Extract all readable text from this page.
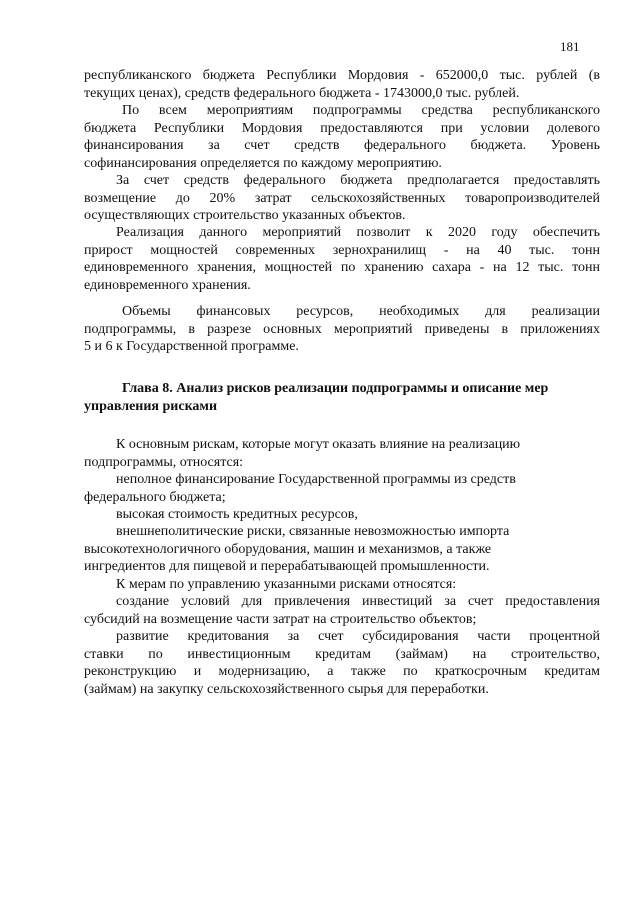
181
республиканского бюджета Республики Мордовия - 652000,0 тыс. рублей (в
текущих ценах), средств федерального бюджета - 1743000,0 тыс. рублей.
По всем мероприятиям подпрограммы средства республиканского
бюджета Республики Мордовия предоставляются при условии долевого
финансирования за счет средств федерального бюджета. Уровень
софинансирования определяется по каждому мероприятию.
За счет средств федерального бюджета предполагается предоставлять
возмещение до 20% затрат сельскохозяйственных товаропроизводителей
осуществляющих строительство указанных объектов.
Реализация данного мероприятий позволит к 2020 году обеспечить
прирост мощностей современных зернохранилищ - на 40 тыс. тонн
единовременного хранения, мощностей по хранению сахара - на 12 тыс. тонн
единовременного хранения.
Объемы финансовых ресурсов, необходимых для реализации
подпрограммы, в разрезе основных мероприятий приведены в приложениях
5 и 6 к Государственной программе.
Глава 8. Анализ рисков реализации подпрограммы и описание мер
управления рисками
К основным рискам, которые могут оказать влияние на реализацию
подпрограммы, относятся:
неполное финансирование Государственной программы из средств
федерального бюджета;
высокая стоимость кредитных ресурсов,
внешнеполитические риски, связанные невозможностью импорта
высокотехнологичного оборудования, машин и механизмов, а также
ингредиентов для пищевой и перерабатывающей промышленности.
К мерам по управлению указанными рисками относятся:
создание условий для привлечения инвестиций за счет предоставления
субсидий на возмещение части затрат на строительство объектов;
развитие кредитования за счет субсидирования части процентной
ставки по инвестиционным кредитам (займам) на строительство,
реконструкцию и модернизацию, а также по краткосрочным кредитам
(займам) на закупку сельскохозяйственного сырья для переработки.
